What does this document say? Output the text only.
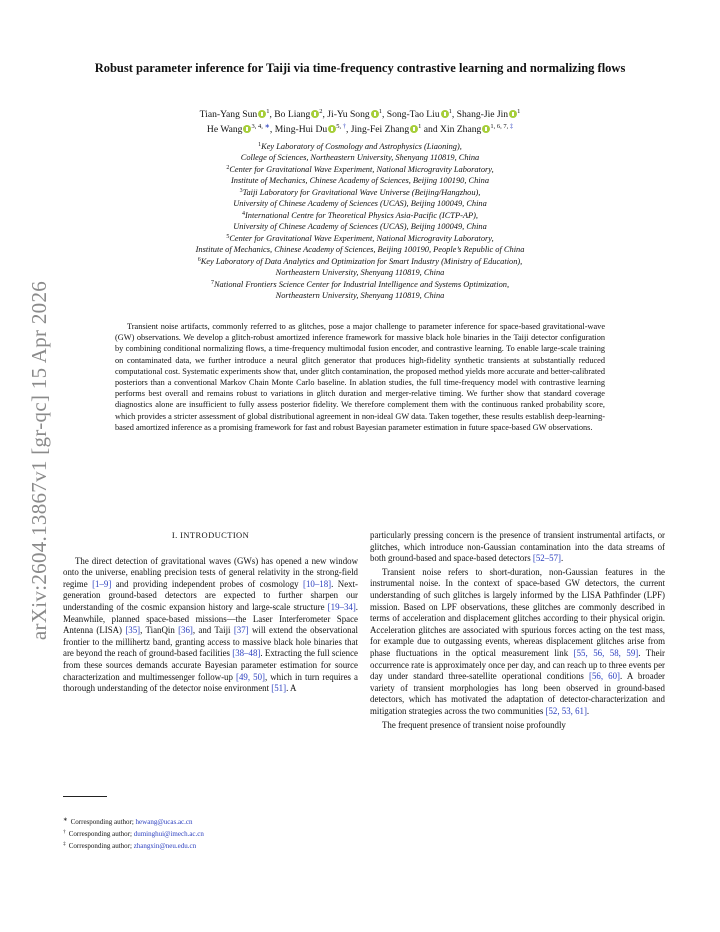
arXiv:2604.13867v1 [gr-qc] 15 Apr 2026
Robust parameter inference for Taiji via time-frequency contrastive learning and normalizing flows
Tian-Yang Sun $^1$, Bo Liang $^2$, Ji-Yu Song $^1$, Song-Tao Liu $^1$, Shang-Jie Jin $^1$
He Wang $^{3, 4, ∗}$, Ming-Hui Du $^{5, \dagger}$, Jing-Fei Zhang $^1$ and Xin Zhang $^{1, 6, 7, \ddagger}$
$^1$Key Laboratory of Cosmology and Astrophysics (Liaoning),
College of Sciences, Northeastern University, Shenyang 110819, China
$^2$Center for Gravitational Wave Experiment, National Microgravity Laboratory,
Institute of Mechanics, Chinese Academy of Sciences, Beijing 100190, China
$^3$Taiji Laboratory for Gravitational Wave Universe (Beijing/Hangzhou),
University of Chinese Academy of Sciences (UCAS), Beijing 100049, China
$^4$International Centre for Theoretical Physics Asia-Pacific (ICTP-AP),
University of Chinese Academy of Sciences (UCAS), Beijing 100049, China
$^5$Center for Gravitational Wave Experiment, National Microgravity Laboratory,
Institute of Mechanics, Chinese Academy of Sciences, Beijing 100190, People’s Republic of China
$^6$Key Laboratory of Data Analytics and Optimization for Smart Industry (Ministry of Education),
Northeastern University, Shenyang 110819, China
$^7$National Frontiers Science Center for Industrial Intelligence and Systems Optimization,
Northeastern University, Shenyang 110819, China
Transient noise artifacts, commonly referred to as glitches, pose a major challenge to parameter inference for space-based gravitational-wave (GW) observations. We develop a glitch-robust amortized inference framework for massive black hole binaries in the Taiji detector configuration by combining conditional normalizing flows, a time-frequency multimodal fusion encoder, and contrastive learning. To enable large-scale training on contaminated data, we further introduce a neural glitch generator that produces high-fidelity synthetic transients at substantially reduced computational cost. Systematic experiments show that, under glitch contamination, the proposed method yields more accurate and better-calibrated posteriors than a conventional Markov Chain Monte Carlo baseline. In ablation studies, the full time-frequency model with contrastive learning performs best overall and remains robust to variations in glitch duration and merger-relative timing. We further show that standard coverage diagnostics alone are insufficient to fully assess posterior fidelity. We therefore complement them with the continuous ranked probability score, which provides a stricter assessment of global distributional agreement in non-ideal GW data. Taken together, these results establish deep-learning-based amortized inference as a promising framework for fast and robust Bayesian parameter estimation in future space-based GW observations.
I. INTRODUCTION

The direct detection of gravitational waves (GWs) has opened a new window onto the universe, enabling precision tests of general relativity in the strong-field regime [1–9] and providing independent probes of cosmology [10–18]. Next-generation ground-based detectors are expected to further sharpen our understanding of the cosmic expansion history and large-scale structure [19–34]. Meanwhile, planned space-based missions—the Laser Interferometer Space Antenna (LISA) [35], TianQin [36], and Taiji [37] will extend the observational frontier to the millihertz band, granting access to massive black hole binaries that are beyond the reach of ground-based facilities [38–48]. Extracting the full science from these sources demands accurate Bayesian parameter estimation for source characterization and multimessenger follow-up [49, 50], which in turn requires a thorough understanding of the detector noise environment [51]. A

particularly pressing concern is the presence of transient instrumental artifacts, or glitches, which introduce non-Gaussian contamination into the data streams of both ground-based and space-based detectors [52–57].

Transient noise refers to short-duration, non-Gaussian features in the instrumental noise. In the context of space-based GW detectors, the current understanding of such glitches is largely informed by the LISA Pathfinder (LPF) mission. Based on LPF observations, these glitches are commonly described in terms of acceleration and displacement glitches according to their physical origin. Acceleration glitches are associated with spurious forces acting on the test mass, for example due to outgassing events, whereas displacement glitches arise from phase fluctuations in the optical measurement link [55, 56, 58, 59]. Their occurrence rate is approximately once per day, and can reach up to three events per day under standard three-satellite operational conditions [56, 60]. A broader variety of transient morphologies has long been observed in ground-based detectors, which has motivated the adaptation of detector-characterization and mitigation strategies across the two communities [52, 53, 61].

The frequent presence of transient noise profoundly

∗ Corresponding author; hewang@ucas.ac.cn
† Corresponding author; duminghui@imech.ac.cn
‡ Corresponding author; zhangxin@neu.edu.cn
